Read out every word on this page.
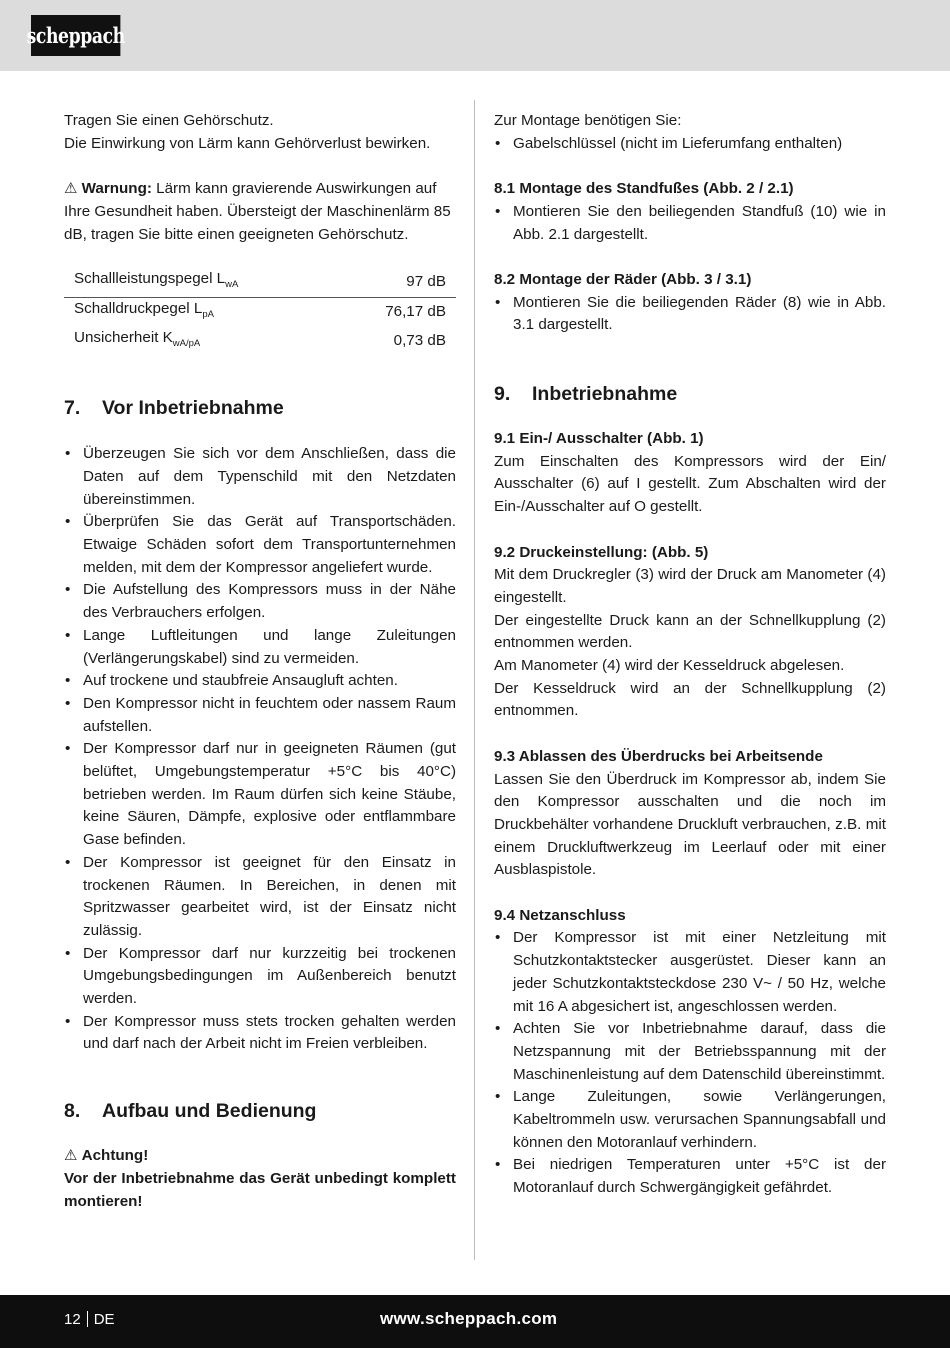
scheppach

Tragen Sie einen Gehörschutz.

Die Einwirkung von Lärm kann Gehörverlust bewirken.

⚠ Warnung: Lärm kann gravierende Auswirkungen auf Ihre Gesundheit haben. Übersteigt der Maschinenlärm 85 dB, tragen Sie bitte einen geeigneten Gehörschutz.

Schallleistungspegel $L_{wA}$	97 dB
Schalldruckpegel $L_{pA}$	76,17 dB
Unsicherheit $K_{wA/pA}$	0,73 dB
7.	Vor Inbetriebnahme
• Überzeugen Sie sich vor dem Anschließen, dass die Daten auf dem Typenschild mit den Netzdaten übereinstimmen.
• Überprüfen Sie das Gerät auf Transportschäden. Etwaige Schäden sofort dem Transportunternehmen melden, mit dem der Kompressor angeliefert wurde.
• Die Aufstellung des Kompressors muss in der Nähe des Verbrauchers erfolgen.
• Lange Luftleitungen und lange Zuleitungen (Verlängerungskabel) sind zu vermeiden.
• Auf trockene und staubfreie Ansaugluft achten.
• Den Kompressor nicht in feuchtem oder nassem Raum aufstellen.
• Der Kompressor darf nur in geeigneten Räumen (gut belüftet, Umgebungstemperatur +5°C bis 40°C) betrieben werden. Im Raum dürfen sich keine Stäube, keine Säuren, Dämpfe, explosive oder entflammbare Gase befinden.
• Der Kompressor ist geeignet für den Einsatz in trockenen Räumen. In Bereichen, in denen mit Spritzwasser gearbeitet wird, ist der Einsatz nicht zulässig.
• Der Kompressor darf nur kurzzeitig bei trockenen Umgebungsbedingungen im Außenbereich benutzt werden.
• Der Kompressor muss stets trocken gehalten werden und darf nach der Arbeit nicht im Freien verbleiben.
8.	Aufbau und Bedienung

⚠ Achtung!

Vor der Inbetriebnahme das Gerät unbedingt komplett montieren!

Zur Montage benötigen Sie:

• Gabelschlüssel (nicht im Lieferumfang enthalten)

8.1 Montage des Standfußes (Abb. 2 / 2.1)

• Montieren Sie den beiliegenden Standfuß (10) wie in Abb. 2.1 dargestellt.

8.2 Montage der Räder (Abb. 3 / 3.1)

• Montieren Sie die beiliegenden Räder (8) wie in Abb. 3.1 dargestellt.
9.	Inbetriebnahme

9.1 Ein-/ Ausschalter (Abb. 1)

Zum Einschalten des Kompressors wird der Ein/ Ausschalter (6) auf I gestellt. Zum Abschalten wird der Ein-/Ausschalter auf O gestellt.

9.2 Druckeinstellung: (Abb. 5)

Mit dem Druckregler (3) wird der Druck am Manometer (4) eingestellt.

Der eingestellte Druck kann an der Schnellkupplung (2) entnommen werden.

Am Manometer (4) wird der Kesseldruck abgelesen.

Der Kesseldruck wird an der Schnellkupplung (2) entnommen.

9.3 Ablassen des Überdrucks bei Arbeitsende

Lassen Sie den Überdruck im Kompressor ab, indem Sie den Kompressor ausschalten und die noch im Druckbehälter vorhandene Druckluft verbrauchen, z.B. mit einem Druckluftwerkzeug im Leerlauf oder mit einer Ausblaspistole.

9.4 Netzanschluss

• Der Kompressor ist mit einer Netzleitung mit Schutzkontaktstecker ausgerüstet. Dieser kann an jeder Schutzkontaktsteckdose 230 V~ / 50 Hz, welche mit 16 A abgesichert ist, angeschlossen werden.
• Achten Sie vor Inbetriebnahme darauf, dass die Netzspannung mit der Betriebsspannung mit der Maschinenleistung auf dem Datenschild übereinstimmt.
• Lange Zuleitungen, sowie Verlängerungen, Kabeltrommeln usw. verursachen Spannungsabfall und können den Motoranlauf verhindern.
• Bei niedrigen Temperaturen unter +5°C ist der Motoranlauf durch Schwergängigkeit gefährdet.
12 DE	www.scheppach.com
